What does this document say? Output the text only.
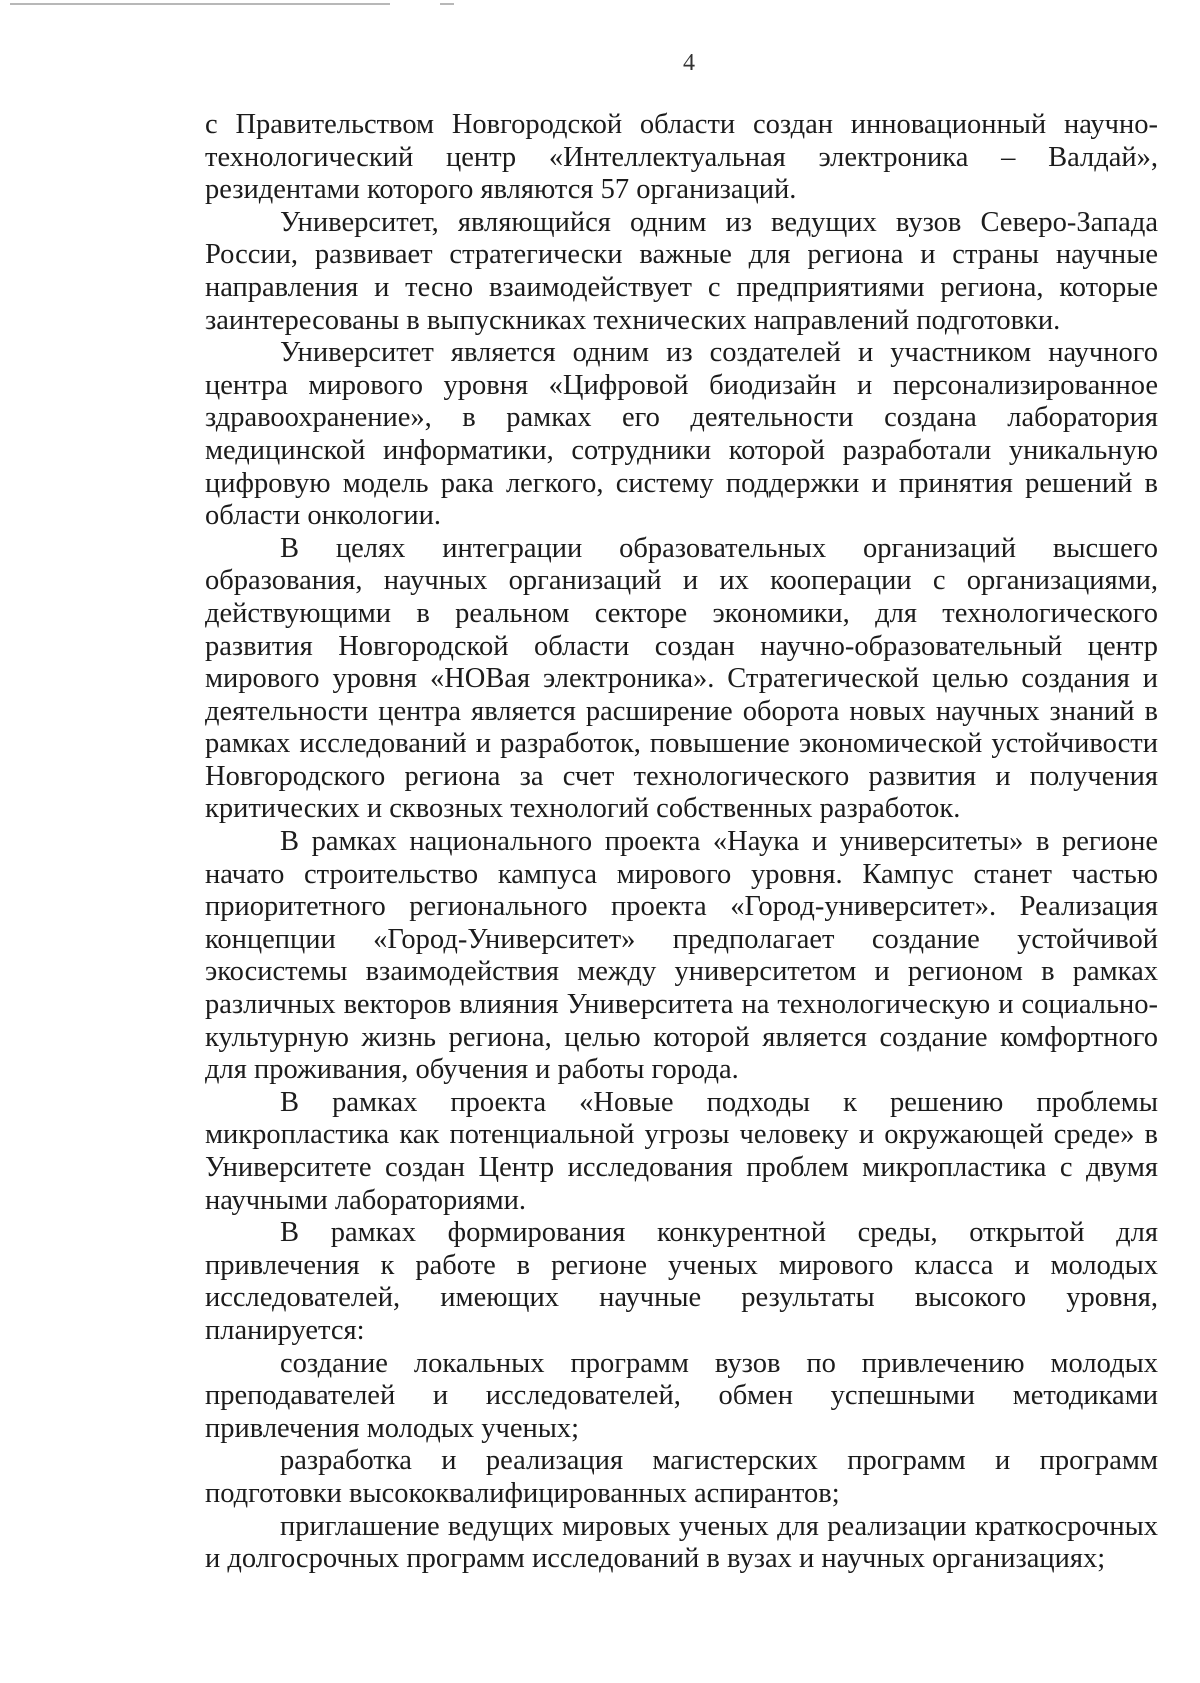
4

с Правительством Новгородской области создан инновационный научно-технологический центр «Интеллектуальная электроника – Валдай», резидентами которого являются 57 организаций.

Университет, являющийся одним из ведущих вузов Северо-Запада России, развивает стратегически важные для региона и страны научные направления и тесно взаимодействует с предприятиями региона, которые заинтересованы в выпускниках технических направлений подготовки.

Университет является одним из создателей и участником научного центра мирового уровня «Цифровой биодизайн и персонализированное здравоохранение», в рамках его деятельности создана лаборатория медицинской информатики, сотрудники которой разработали уникальную цифровую модель рака легкого, систему поддержки и принятия решений в области онкологии.

В целях интеграции образовательных организаций высшего образования, научных организаций и их кооперации с организациями, действующими в реальном секторе экономики, для технологического развития Новгородской области создан научно-образовательный центр мирового уровня «НОВая электроника». Стратегической целью создания и деятельности центра является расширение оборота новых научных знаний в рамках исследований и разработок, повышение экономической устойчивости Новгородского региона за счет технологического развития и получения критических и сквозных технологий собственных разработок.

В рамках национального проекта «Наука и университеты» в регионе начато строительство кампуса мирового уровня. Кампус станет частью приоритетного регионального проекта «Город-университет». Реализация концепции «Город-Университет» предполагает создание устойчивой экосистемы взаимодействия между университетом и регионом в рамках различных векторов влияния Университета на технологическую и социально-культурную жизнь региона, целью которой является создание комфортного для проживания, обучения и работы города.

В рамках проекта «Новые подходы к решению проблемы микропластика как потенциальной угрозы человеку и окружающей среде» в Университете создан Центр исследования проблем микропластика с двумя научными лабораториями.

В рамках формирования конкурентной среды, открытой для привлечения к работе в регионе ученых мирового класса и молодых исследователей, имеющих научные результаты высокого уровня, планируется:

создание локальных программ вузов по привлечению молодых преподавателей и исследователей, обмен успешными методиками привлечения молодых ученых;

разработка и реализация магистерских программ и программ подготовки высококвалифицированных аспирантов;

приглашение ведущих мировых ученых для реализации краткосрочных и долгосрочных программ исследований в вузах и научных организациях;
